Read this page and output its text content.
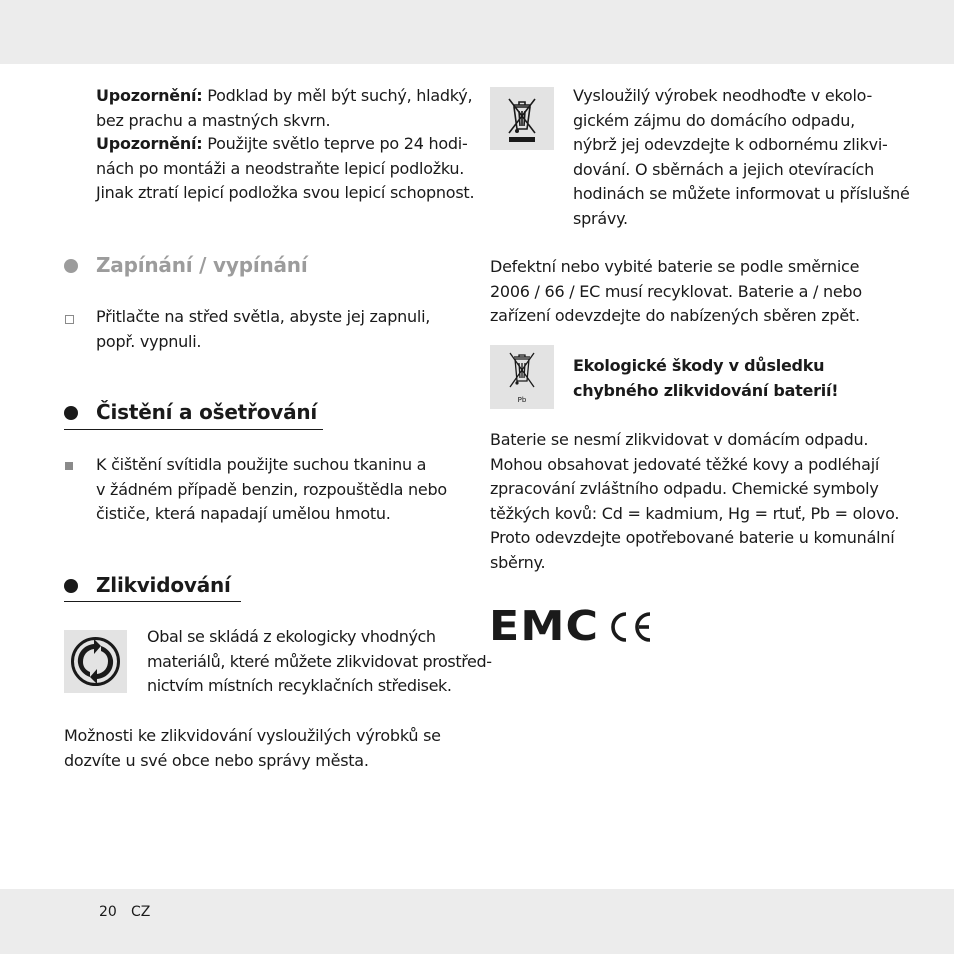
Upozornění: Podklad by měl být suchý, hladký,
bez prachu a mastných skvrn.

Upozornění: Použijte světlo teprve po 24 hodi-
nách po montáži a neodstraňte lepicí podložku.
Jinak ztratí lepicí podložka svou lepicí schopnost.

Zapínání / vypínání

Přitlačte na střed světla, abyste jej zapnuli,
popř. vypnuli.

Čistění a ošetřování

K čištění svítidla použijte suchou tkaninu a
v žádném případě benzin, rozpouštědla nebo
čističe, která napadají umělou hmotu.

Zlikvidování

Obal se skládá z ekologicky vhodných
materiálů, které můžete zlikvidovat prostřed-
nictvím místních recyklačních středisek.

Možnosti ke zlikvidování vysloužilých výrobků se
dozvíte u své obce nebo správy města.

Vysloužilý výrobek neodhoďte v ekolo-
gickém zájmu do domácího odpadu,
nýbrž jej odevzdejte k odbornému zlikvi-
dování. O sběrnách a jejich otevíracích
hodinách se můžete informovat u příslušné
správy.

Defektní nebo vybité baterie se podle směrnice
2006 / 66 / EC musí recyklovat. Baterie a / nebo
zařízení odevzdejte do nabízených sběren zpět.

Pb

Ekologické škody v důsledku
chybného zlikvidování baterií!

Baterie se nesmí zlikvidovat v domácím odpadu.
Mohou obsahovat jedovaté těžké kovy a podléhají
zpracování zvláštního odpadu. Chemické symboly
těžkých kovů: Cd = kadmium, Hg = rtuť, Pb = olovo.
Proto odevzdejte opotřebované baterie u komunální
sběrny.

EMC
20 CZ
